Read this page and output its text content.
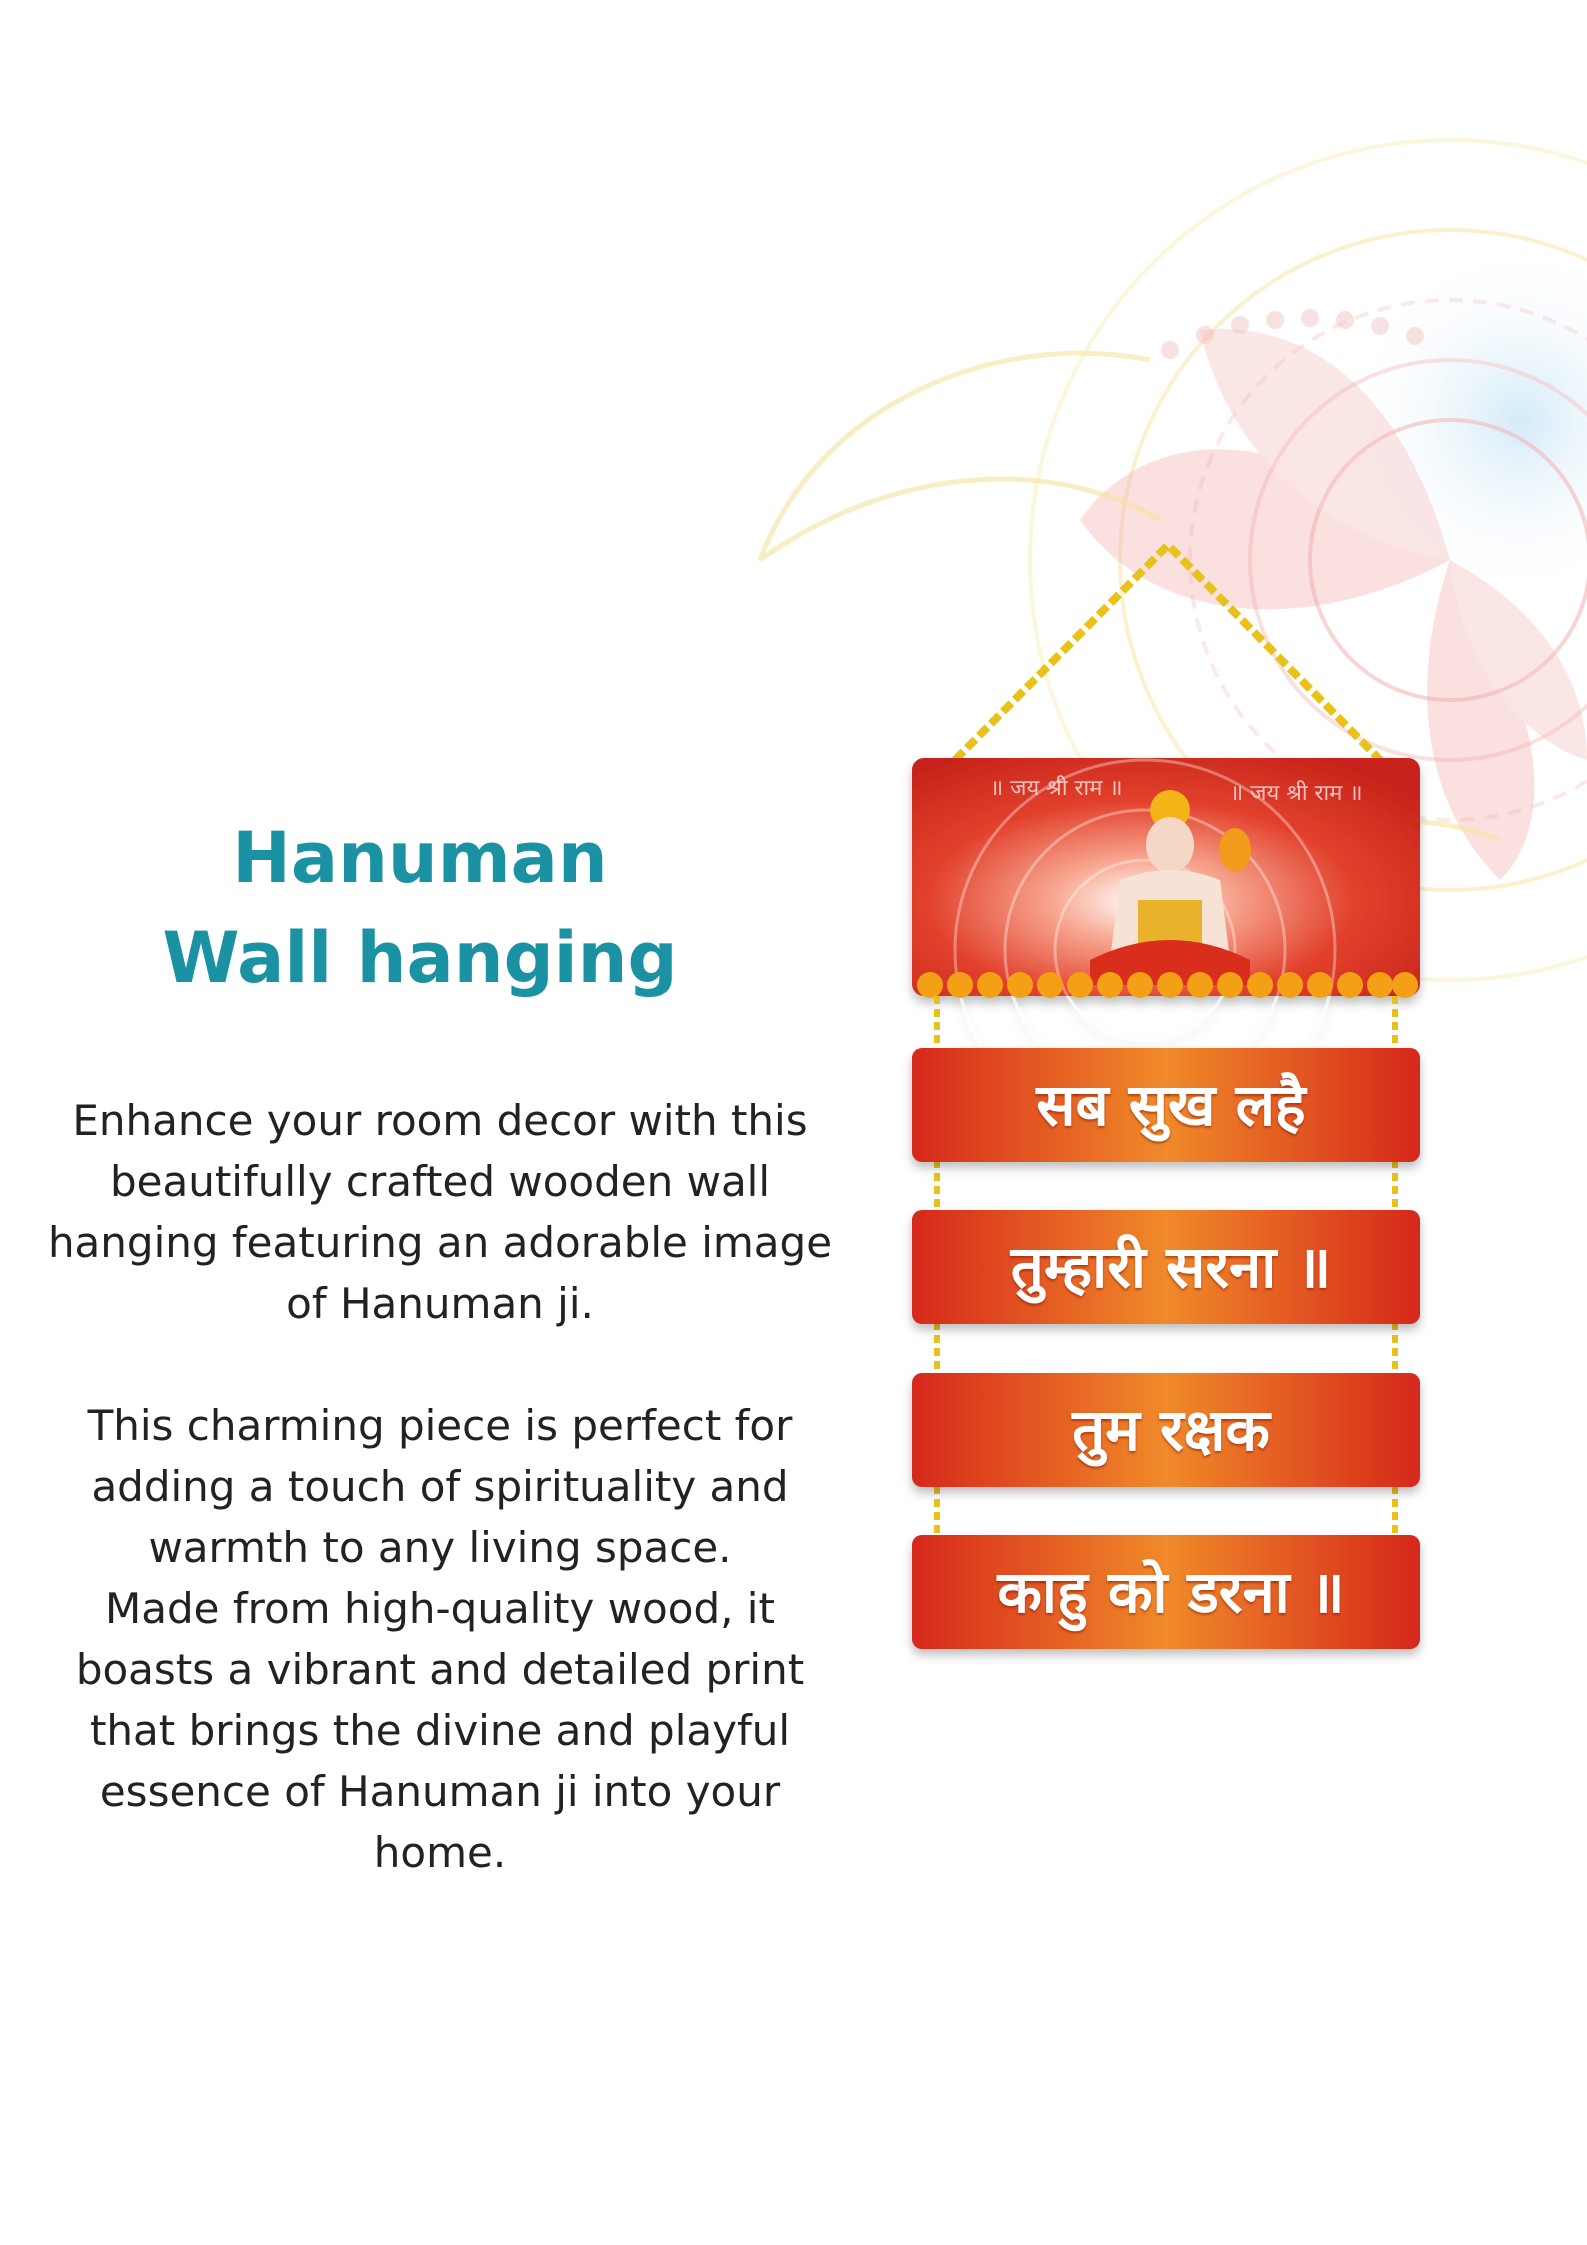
Hanuman
Wall hanging
Enhance your room decor with this
beautifully crafted wooden wall
hanging featuring an adorable image
of Hanuman ji.
This charming piece is perfect for
adding a touch of spirituality and
warmth to any living space.
Made from high-quality wood, it
boasts a vibrant and detailed print
that brings the divine and playful
essence of Hanuman ji into your
home.
॥ जय श्री राम ॥	॥ जय श्री राम ॥
सब सुख लहै
तुम्हारी सरना ॥
तुम रक्षक
काहु को डरना ॥
